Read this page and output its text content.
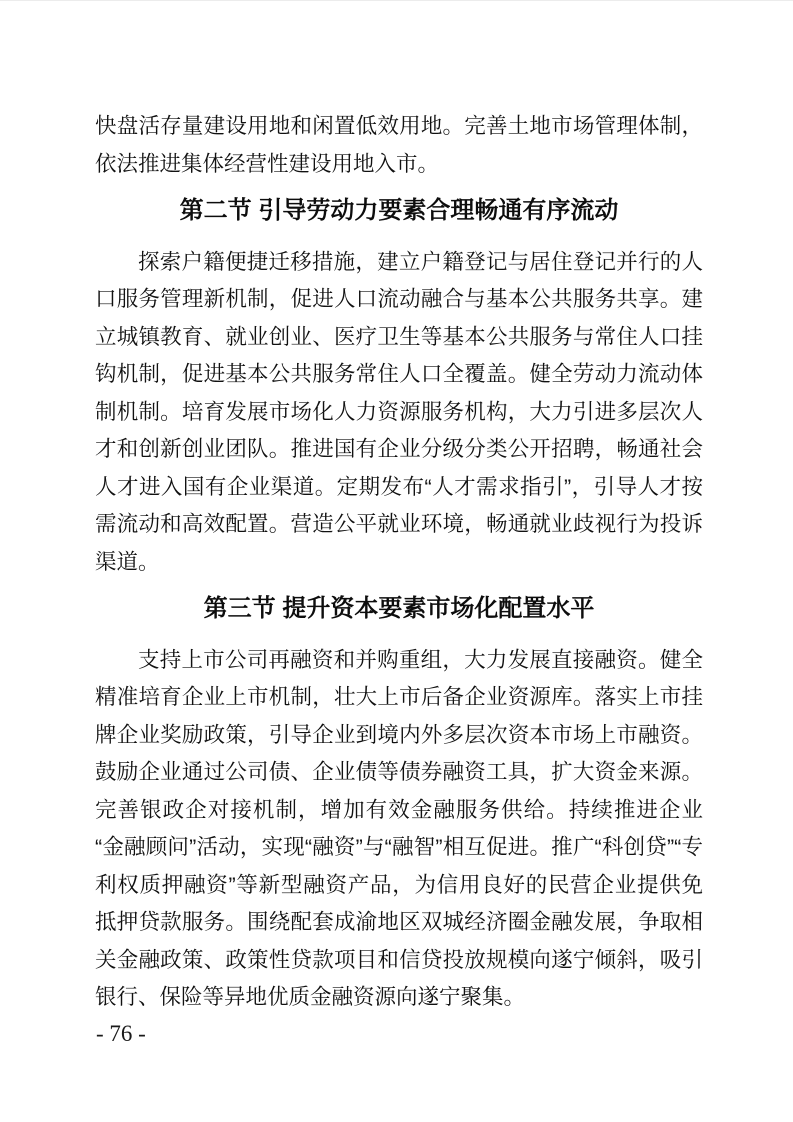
快盘活存量建设用地和闲置低效用地。完善土地市场管理体制，依法推进集体经营性建设用地入市。

第二节 引导劳动力要素合理畅通有序流动

探索户籍便捷迁移措施，建立户籍登记与居住登记并行的人口服务管理新机制，促进人口流动融合与基本公共服务共享。建立城镇教育、就业创业、医疗卫生等基本公共服务与常住人口挂钩机制，促进基本公共服务常住人口全覆盖。健全劳动力流动体制机制。培育发展市场化人力资源服务机构，大力引进多层次人才和创新创业团队。推进国有企业分级分类公开招聘，畅通社会人才进入国有企业渠道。定期发布“人才需求指引”，引导人才按需流动和高效配置。营造公平就业环境，畅通就业歧视行为投诉渠道。

第三节 提升资本要素市场化配置水平

支持上市公司再融资和并购重组，大力发展直接融资。健全精准培育企业上市机制，壮大上市后备企业资源库。落实上市挂牌企业奖励政策，引导企业到境内外多层次资本市场上市融资。鼓励企业通过公司债、企业债等债券融资工具，扩大资金来源。完善银政企对接机制，增加有效金融服务供给。持续推进企业“金融顾问”活动，实现“融资”与“融智”相互促进。推广“科创贷”“专利权质押融资”等新型融资产品，为信用良好的民营企业提供免抵押贷款服务。围绕配套成渝地区双城经济圈金融发展，争取相关金融政策、政策性贷款项目和信贷投放规模向遂宁倾斜，吸引银行、保险等异地优质金融资源向遂宁聚集。

- 76 -
